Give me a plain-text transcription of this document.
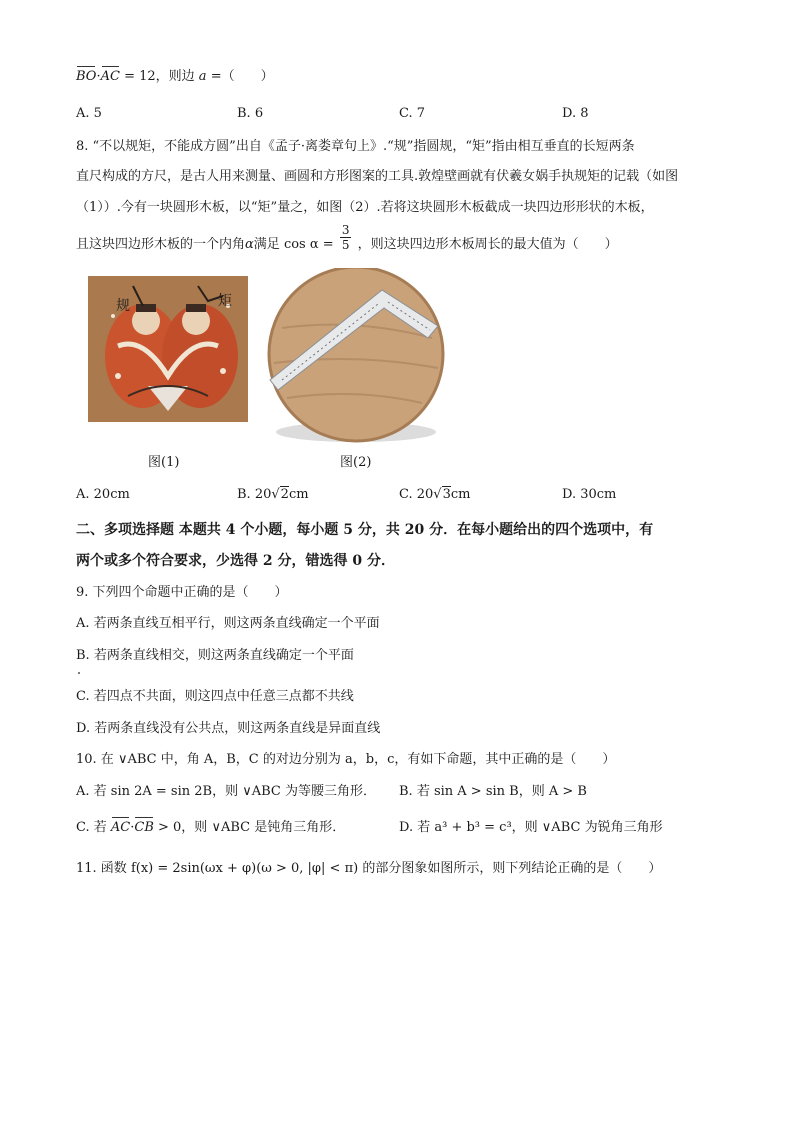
BO·AC = 12，则边 a =（　　）
A. 5	B. 6	C. 7	D. 8
8. “不以规矩，不能成方圆”出自《孟子·离娄章句上》.“规”指圆规，“矩”指由相互垂直的长短两条
直尺构成的方尺，是古人用来测量、画圆和方形图案的工具.敦煌壁画就有伏羲女娲手执规矩的记载（如图
（1））.今有一块圆形木板，以“矩”量之，如图（2）.若将这块圆形木板截成一块四边形形状的木板，
且这块四边形木板的一个内角α满足 $\cos \alpha = \frac{3}{5}$ ，则这块四边形木板周长的最大值为（　　）
规	矩
图(1)	图(2)
A. 20cm	B. 20√2cm	C. 20√3cm	D. 30cm
二、多项选择题 本题共 4 个小题，每小题 5 分，共 20 分．在每小题给出的四个选项中，有
两个或多个符合要求，少选得 2 分，错选得 0 分．
9. 下列四个命题中正确的是（　　）
A. 若两条直线互相平行，则这两条直线确定一个平面
B. 若两条直线相交，则这两条直线确定一个平面
C. 若四点不共面，则这四点中任意三点都不共线
D. 若两条直线没有公共点，则这两条直线是异面直线
10. 在 ∨ABC 中，角 A，B，C 的对边分别为 a，b，c，有如下命题，其中正确的是（　　）
A. 若 sin 2A = sin 2B，则 ∨ABC 为等腰三角形． B. 若 sin A > sin B，则 A > B
C. 若 AC·CB > 0，则 ∨ABC 是钝角三角形．	D. 若 a³ + b³ = c³，则 ∨ABC 为锐角三角形
11. 函数 f(x) = 2sin(ωx + φ)(ω > 0, |φ| < π) 的部分图象如图所示，则下列结论正确的是（　　）
